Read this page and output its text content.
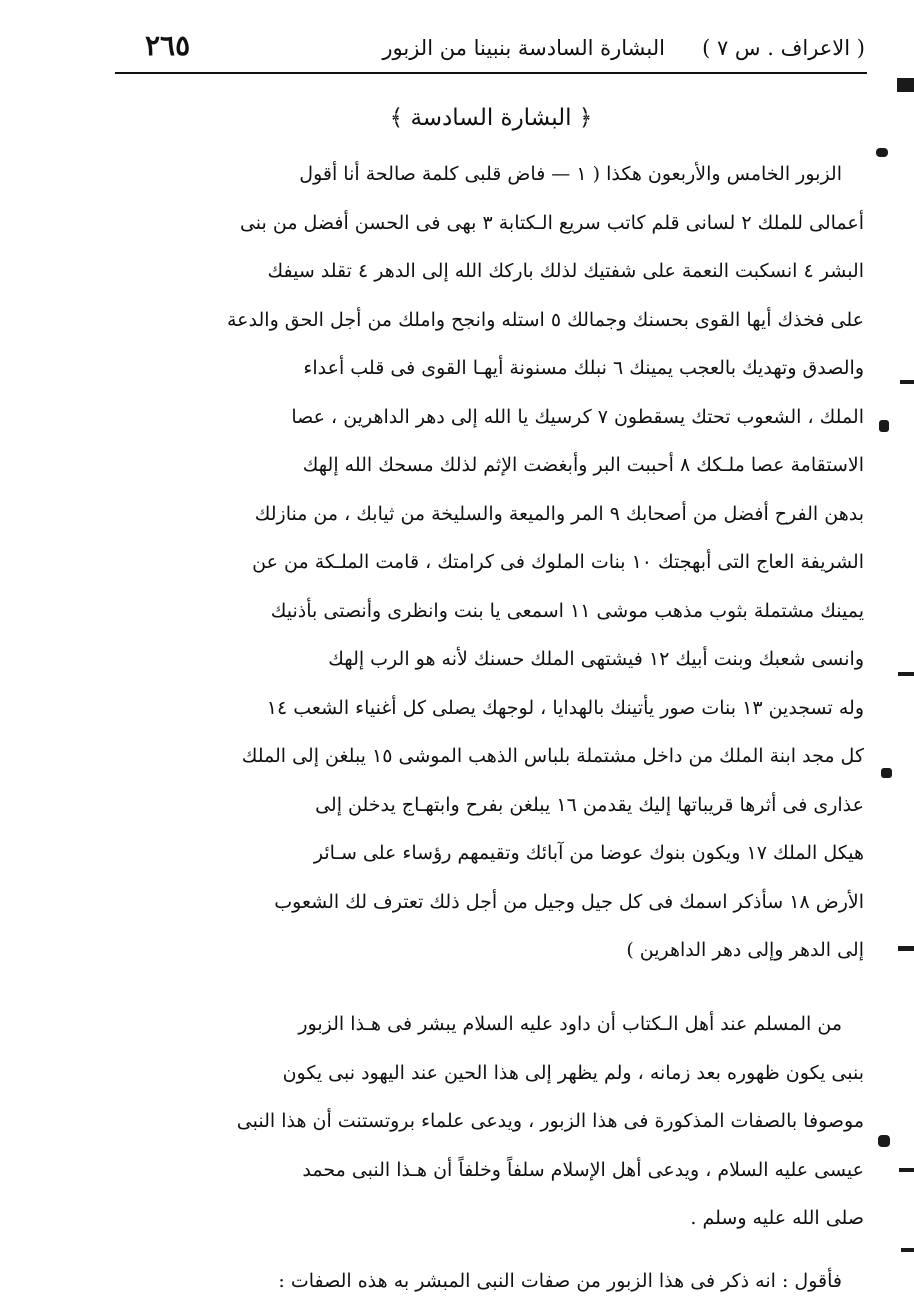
( الاعراف . س ٧ )
البشارة السادسة بنبينا من الزبور
٢٦٥
﴿ البشارة السادسة ﴾
الزبور الخامس والأربعون هكذا ( ١ — فاض قلبى كلمة صالحة أنا أقول
أعمالى للملك ٢ لسانى قلم كاتب سريع الـكتابة ٣ بهى فى الحسن أفضل من بنى
البشر ٤ انسكبت النعمة على شفتيك لذلك باركك الله إلى الدهر ٤ تقلد سيفك
على فخذك أيها القوى بحسنك وجمالك ٥ استله وانجح واملك من أجل الحق والدعة
والصدق وتهديك بالعجب يمينك ٦ نبلك مسنونة أيهـا القوى فى قلب أعداء
الملك ، الشعوب تحتك يسقطون ٧ كرسيك يا الله إلى دهر الداهرين ، عصا
الاستقامة عصا ملـكك ٨ أحببت البر وأبغضت الإثم لذلك مسحك الله إلهك
بدهن الفرح أفضل من أصحابك ٩ المر والميعة والسليخة من ثيابك ، من منازلك
الشريفة العاج التى أبهجتك ١٠ بنات الملوك فى كرامتك ، قامت الملـكة من عن
يمينك مشتملة بثوب مذهب موشى ١١ اسمعى يا بنت وانظرى وأنصتى بأذنيك
وانسى شعبك وبنت أبيك ١٢ فيشتهى الملك حسنك لأنه هو الرب إلهك
وله تسجدين ١٣ بنات صور يأتينك بالهدايا ، لوجهك يصلى كل أغنياء الشعب ١٤
كل مجد ابنة الملك من داخل مشتملة بلباس الذهب الموشى ١٥ يبلغن إلى الملك
عذارى فى أثرها قريباتها إليك يقدمن ١٦ يبلغن بفرح وابتهـاج يدخلن إلى
هيكل الملك ١٧ ويكون بنوك عوضا من آبائك وتقيمهم رؤساء على سـائر
الأرض ١٨ سأذكر اسمك فى كل جيل وجيل من أجل ذلك تعترف لك الشعوب
إلى الدهر وإلى دهر الداهرين )
من المسلم عند أهل الـكتاب أن داود عليه السلام يبشر فى هـذا الزبور
بنبى يكون ظهوره بعد زمانه ، ولم يظهر إلى هذا الحين عند اليهود نبى يكون
موصوفا بالصفات المذكورة فى هذا الزبور ، ويدعى علماء بروتستنت أن هذا النبى
عيسى عليه السلام ، ويدعى أهل الإسلام سلفاً وخلفاً أن هـذا النبى محمد
صلى الله عليه وسلم .
فأقول : انه ذكر فى هذا الزبور من صفات النبى المبشر به هذه الصفات :
